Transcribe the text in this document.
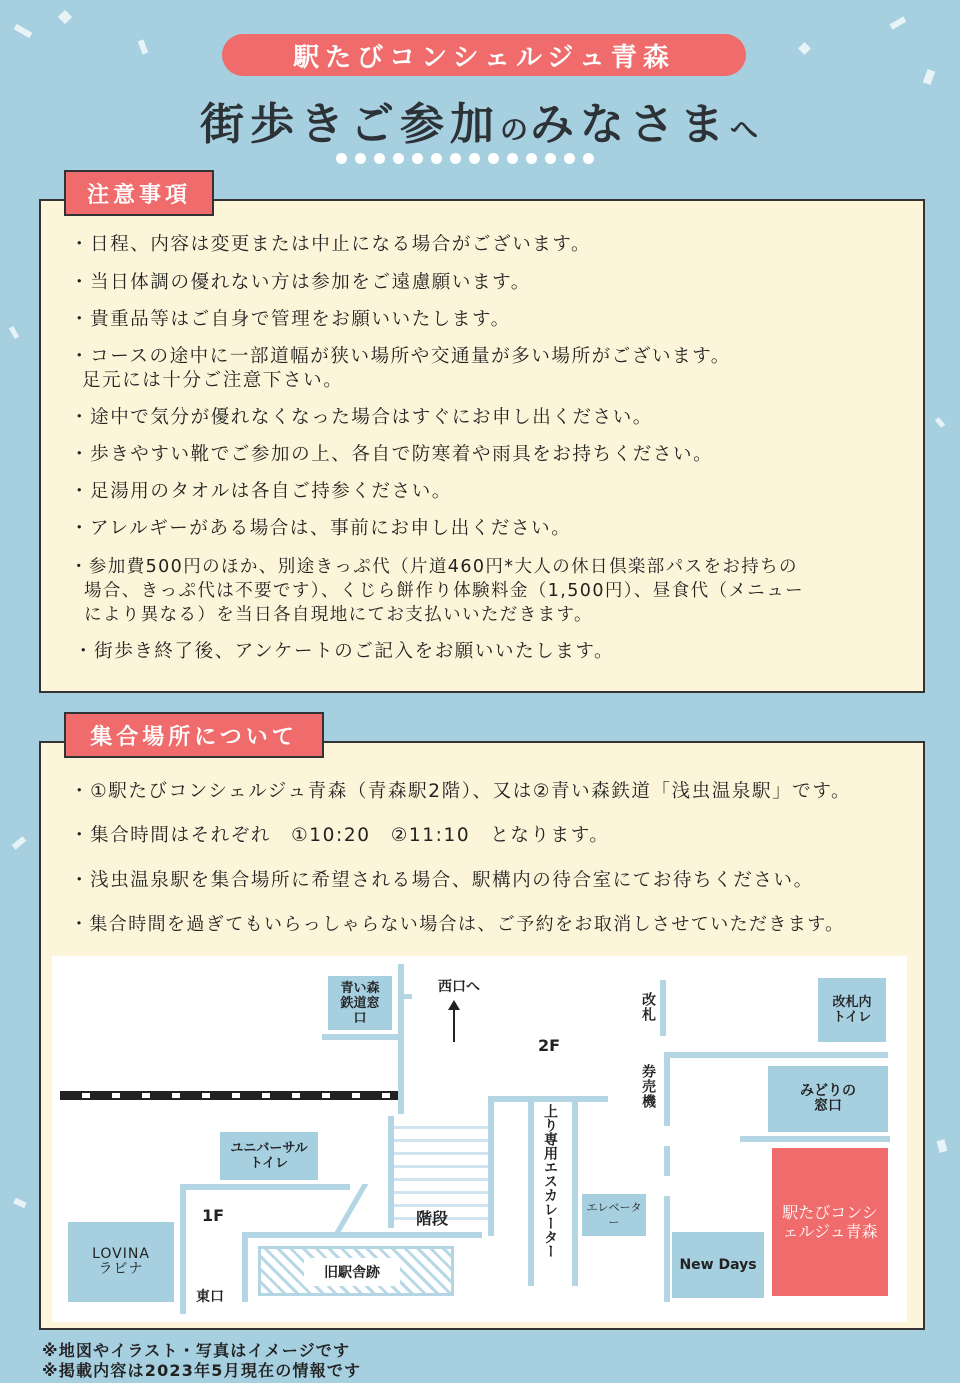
駅たびコンシェルジュ青森
街歩きご参加のみなさまへ
注意事項
・日程、内容は変更または中止になる場合がございます。
・当日体調の優れない方は参加をご遠慮願います。
・貴重品等はご自身で管理をお願いいたします。
・コースの途中に一部道幅が狭い場所や交通量が多い場所がございます。
足元には十分ご注意下さい。
・途中で気分が優れなくなった場合はすぐにお申し出ください。
・歩きやすい靴でご参加の上、各自で防寒着や雨具をお持ちください。
・足湯用のタオルは各自ご持参ください。
・アレルギーがある場合は、事前にお申し出ください。
・参加費500円のほか、別途きっぷ代（片道460円*大人の休日倶楽部パスをお持ちの
場合、きっぷ代は不要です）、くじら餅作り体験料金（1,500円）、昼食代（メニュー
により異なる）を当日各自現地にてお支払いいただきます。
・街歩き終了後、アンケートのご記入をお願いいたします。
集合場所について
・①駅たびコンシェルジュ青森（青森駅2階）、又は②青い森鉄道「浅虫温泉駅」です。
・集合時間はそれぞれ　①10:20　②11:10　となります。
・浅虫温泉駅を集合場所に希望される場合、駅構内の待合室にてお待ちください。
・集合時間を過ぎてもいらっしゃらない場合は、ご予約をお取消しさせていただきます。
旧駅舎跡
青い森鉄道窓口
改札内トイレ
みどりの窓口
ユニバーサルトイレ
LOVINAラビナ
エレベーター
New Days
駅たびコンシェルジュ青森
西口へ
2F
1F	階段
東口
改札
券売機
上り専用エスカレーター
※地図やイラスト・写真はイメージです
※掲載内容は2023年5月現在の情報です
